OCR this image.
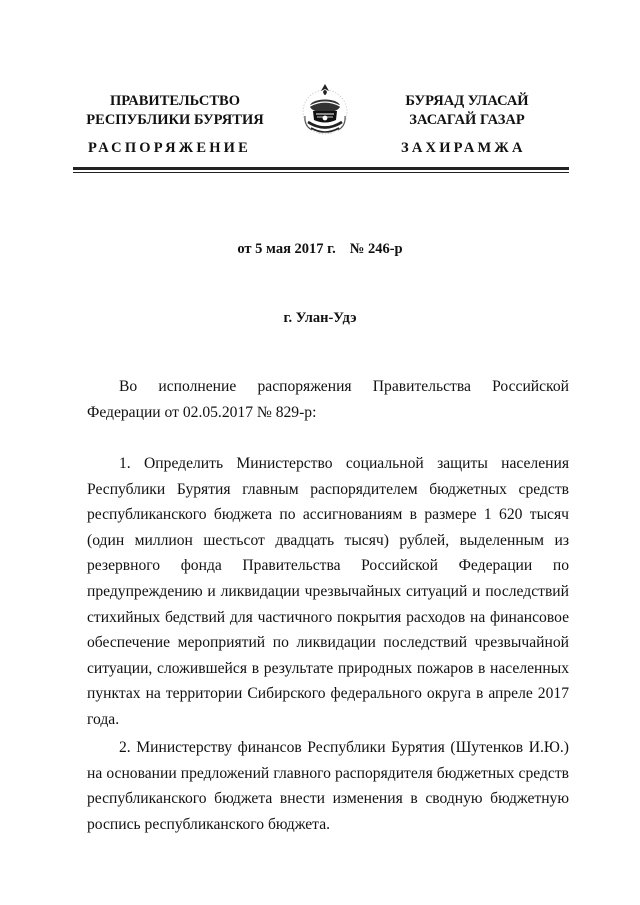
ПРАВИТЕЛЬСТВО
РЕСПУБЛИКИ БУРЯТИЯ
БУРЯАД УЛАСАЙ
ЗАСАГАЙ ГАЗАР
РАСПОРЯЖЕНИЕ	ЗАХИРАМЖА
от 5 мая 2017 г. № 246-р
г. Улан-Удэ

Во исполнение распоряжения Правительства Российской Федерации от 02.05.2017 № 829-р:

1. Определить Министерство социальной защиты населения Республики Бурятия главным распорядителем бюджетных средств республиканского бюджета по ассигнованиям в размере 1 620 тысяч (один миллион шестьсот двадцать тысяч) рублей, выделенным из резервного фонда Правительства Российской Федерации по предупреждению и ликвидации чрезвычайных ситуаций и последствий стихийных бедствий для частичного покрытия расходов на финансовое обеспечение мероприятий по ликвидации последствий чрезвычайной ситуации, сложившейся в результате природных пожаров в населенных пунктах на территории Сибирского федерального округа в апреле 2017 года.

2. Министерству финансов Республики Бурятия (Шутенков И.Ю.) на основании предложений главного распорядителя бюджетных средств республиканского бюджета внести изменения в сводную бюджетную роспись республиканского бюджета.
